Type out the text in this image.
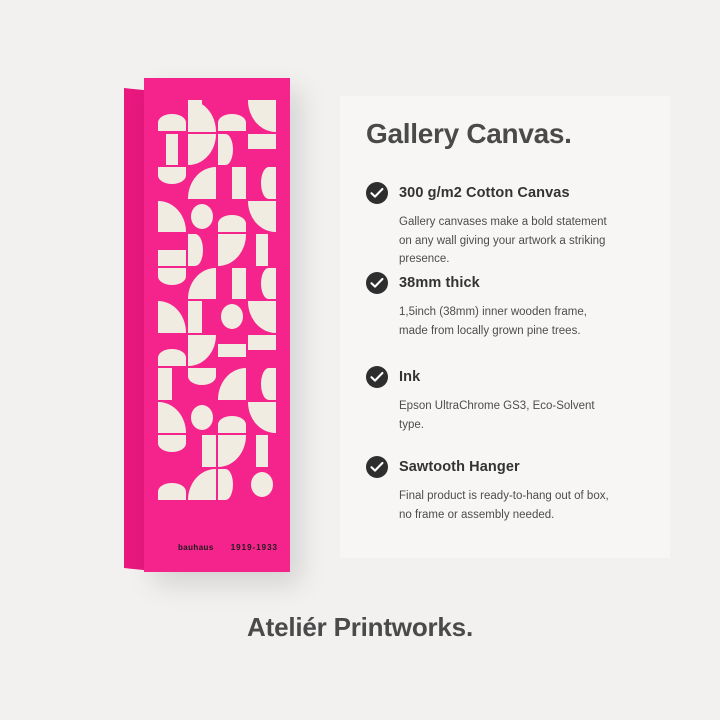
bauhaus 1919-1933
Gallery Canvas.
300 g/m2 Cotton Canvas
Gallery canvases make a bold statement on any wall giving your artwork a striking presence.
38mm thick
1,5inch (38mm) inner wooden frame, made from locally grown pine trees.
Ink
Epson UltraChrome GS3, Eco-Solvent type.
Sawtooth Hanger
Final product is ready-to-hang out of box, no frame or assembly needed.
Ateliér Printworks.
